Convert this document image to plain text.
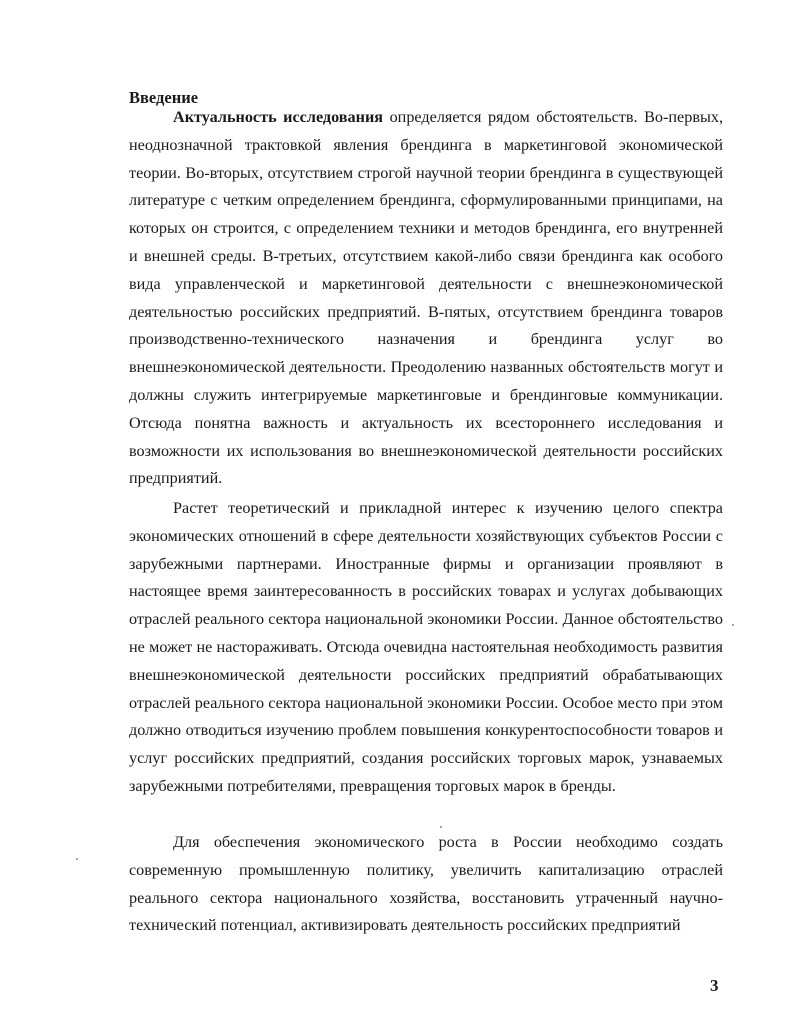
Введение

Актуальность исследования определяется рядом обстоятельств. Во-первых, неоднозначной трактовкой явления брендинга в маркетинговой экономической теории. Во-вторых, отсутствием строгой научной теории брендинга в существующей литературе с четким определением брендинга, сформулированными принципами, на которых он строится, с определением техники и методов брендинга, его внутренней и внешней среды. В-третьих, отсутствием какой-либо связи брендинга как особого вида управленческой и маркетинговой деятельности с внешнеэкономической деятельностью российских предприятий. В-пятых, отсутствием брендинга товаров производственно-технического назначения и брендинга услуг во внешнеэкономической деятельности. Преодолению названных обстоятельств могут и должны служить интегрируемые маркетинговые и брендинговые коммуникации. Отсюда понятна важность и актуальность их всестороннего исследования и возможности их использования во внешнеэкономической деятельности российских предприятий.

Растет теоретический и прикладной интерес к изучению целого спектра экономических отношений в сфере деятельности хозяйствующих субъектов России с зарубежными партнерами. Иностранные фирмы и организации проявляют в настоящее время заинтересованность в российских товарах и услугах добывающих отраслей реального сектора национальной экономики России. Данное обстоятельство не может не настораживать. Отсюда очевидна настоятельная необходимость развития внешнеэкономической деятельности российских предприятий обрабатывающих отраслей реального сектора национальной экономики России. Особое место при этом должно отводиться изучению проблем повышения конкурентоспособности товаров и услуг российских предприятий, создания российских торговых марок, узнаваемых зарубежными потребителями, превращения торговых марок в бренды.

Для обеспечения экономического роста в России необходимо создать современную промышленную политику, увеличить капитализацию отраслей реального сектора национального хозяйства, восстановить утраченный научно-технический потенциал, активизировать деятельность российских предприятий

3
